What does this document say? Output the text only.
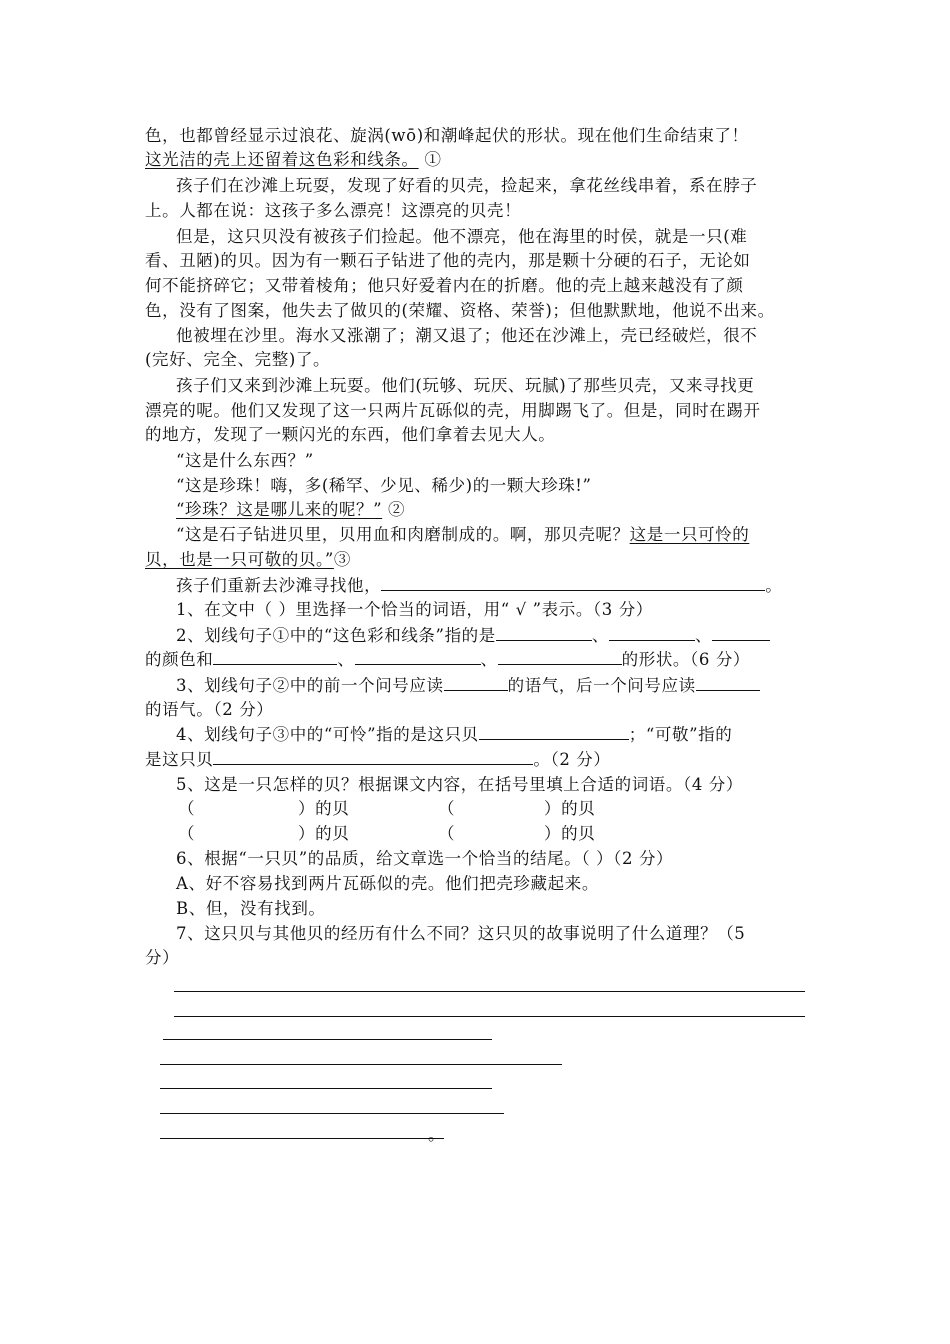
色，也都曾经显示过浪花、旋涡(wō)和潮峰起伏的形状。现在他们生命结束了！
这光洁的壳上还留着这色彩和线条。 ①
孩子们在沙滩上玩耍，发现了好看的贝壳，捡起来，拿花丝线串着，系在脖子
上。人都在说：这孩子多么漂亮！这漂亮的贝壳！
但是，这只贝没有被孩子们捡起。他不漂亮，他在海里的时侯，就是一只(难
看、丑陋)的贝。因为有一颗石子钻进了他的壳内，那是颗十分硬的石子，无论如
何不能挤碎它；又带着棱角；他只好爱着内在的折磨。他的壳上越来越没有了颜
色，没有了图案，他失去了做贝的(荣耀、资格、荣誉)；但他默默地，他说不出来。
他被埋在沙里。海水又涨潮了；潮又退了；他还在沙滩上，壳已经破烂，很不
(完好、完全、完整)了。
孩子们又来到沙滩上玩耍。他们(玩够、玩厌、玩腻)了那些贝壳，又来寻找更
漂亮的呢。他们又发现了这一只两片瓦砾似的壳，用脚踢飞了。但是，同时在踢开
的地方，发现了一颗闪光的东西，他们拿着去见大人。
“这是什么东西？”
“这是珍珠！嗨，多(稀罕、少见、稀少)的一颗大珍珠!”
“珍珠？这是哪儿来的呢？” ②
“这是石子钻进贝里，贝用血和肉磨制成的。啊，那贝壳呢？这是一只可怜的
贝，也是一只可敬的贝。”③
孩子们重新去沙滩寻找他，	。
1、在文中（ ）里选择一个恰当的词语，用“ √ ”表示。（3 分）
2、划线句子①中的“这色彩和线条”指的是	、	、
的颜色和	、	、	的形状。（6 分）
3、划线句子②中的前一个问号应读	的语气，后一个问号应读
的语气。（2 分）
4、划线句子③中的“可怜”指的是这只贝	；“可敬”指的
是这只贝	。（2 分）
5、这是一只怎样的贝？根据课文内容，在括号里填上合适的词语。（4 分）
（	）的贝	（	）的贝
（	）的贝	（	）的贝
6、根据“一只贝”的品质，给文章选一个恰当的结尾。（ ）（2 分）
A、好不容易找到两片瓦砾似的壳。他们把壳珍藏起来。
B、但，没有找到。
7、这只贝与其他贝的经历有什么不同？这只贝的故事说明了什么道理？（5
分）
。
